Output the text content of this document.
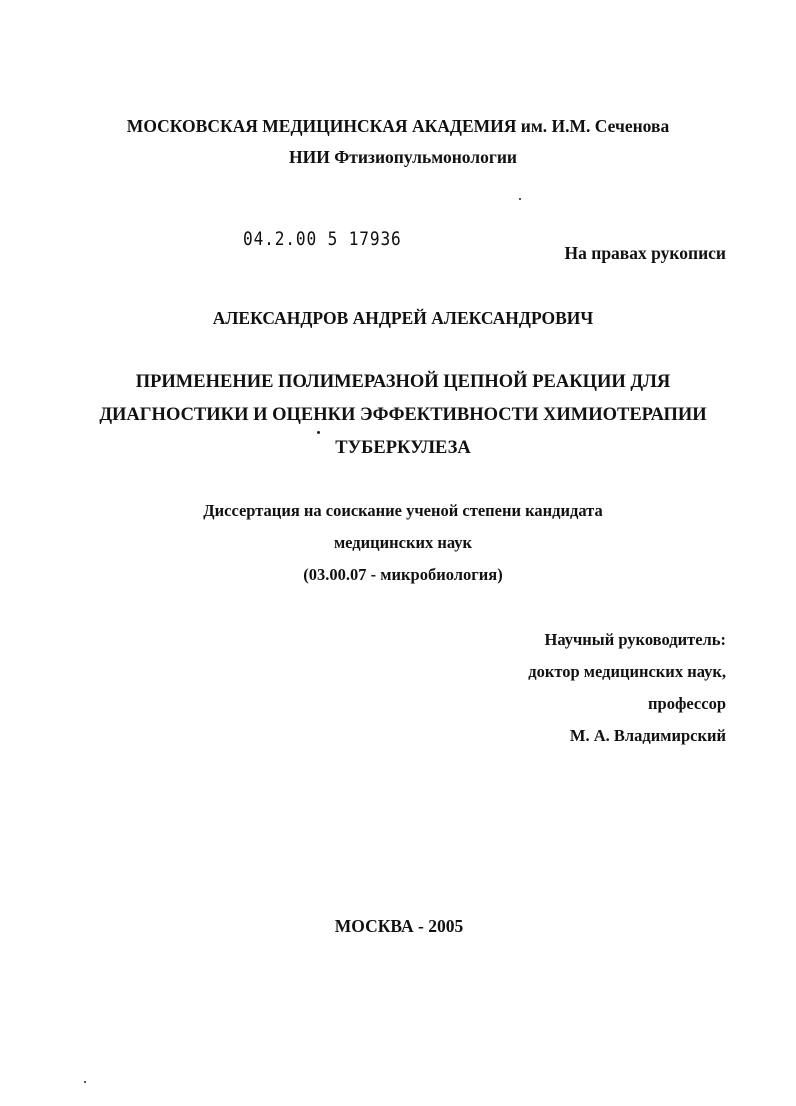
МОСКОВСКАЯ МЕДИЦИНСКАЯ АКАДЕМИЯ им. И.М. Сеченова
НИИ Фтизиопульмонологии
04.2.00 5 17936
На правах рукописи
АЛЕКСАНДРОВ АНДРЕЙ АЛЕКСАНДРОВИЧ
ПРИМЕНЕНИЕ ПОЛИМЕРАЗНОЙ ЦЕПНОЙ РЕАКЦИИ ДЛЯ
ДИАГНОСТИКИ И ОЦЕНКИ ЭФФЕКТИВНОСТИ ХИМИОТЕРАПИИ
ТУБЕРКУЛЕЗА
Диссертация на соискание ученой степени кандидата
медицинских наук
(03.00.07 - микробиология)
Научный руководитель:
доктор медицинских наук,
профессор
М. А. Владимирский
МОСКВА - 2005
